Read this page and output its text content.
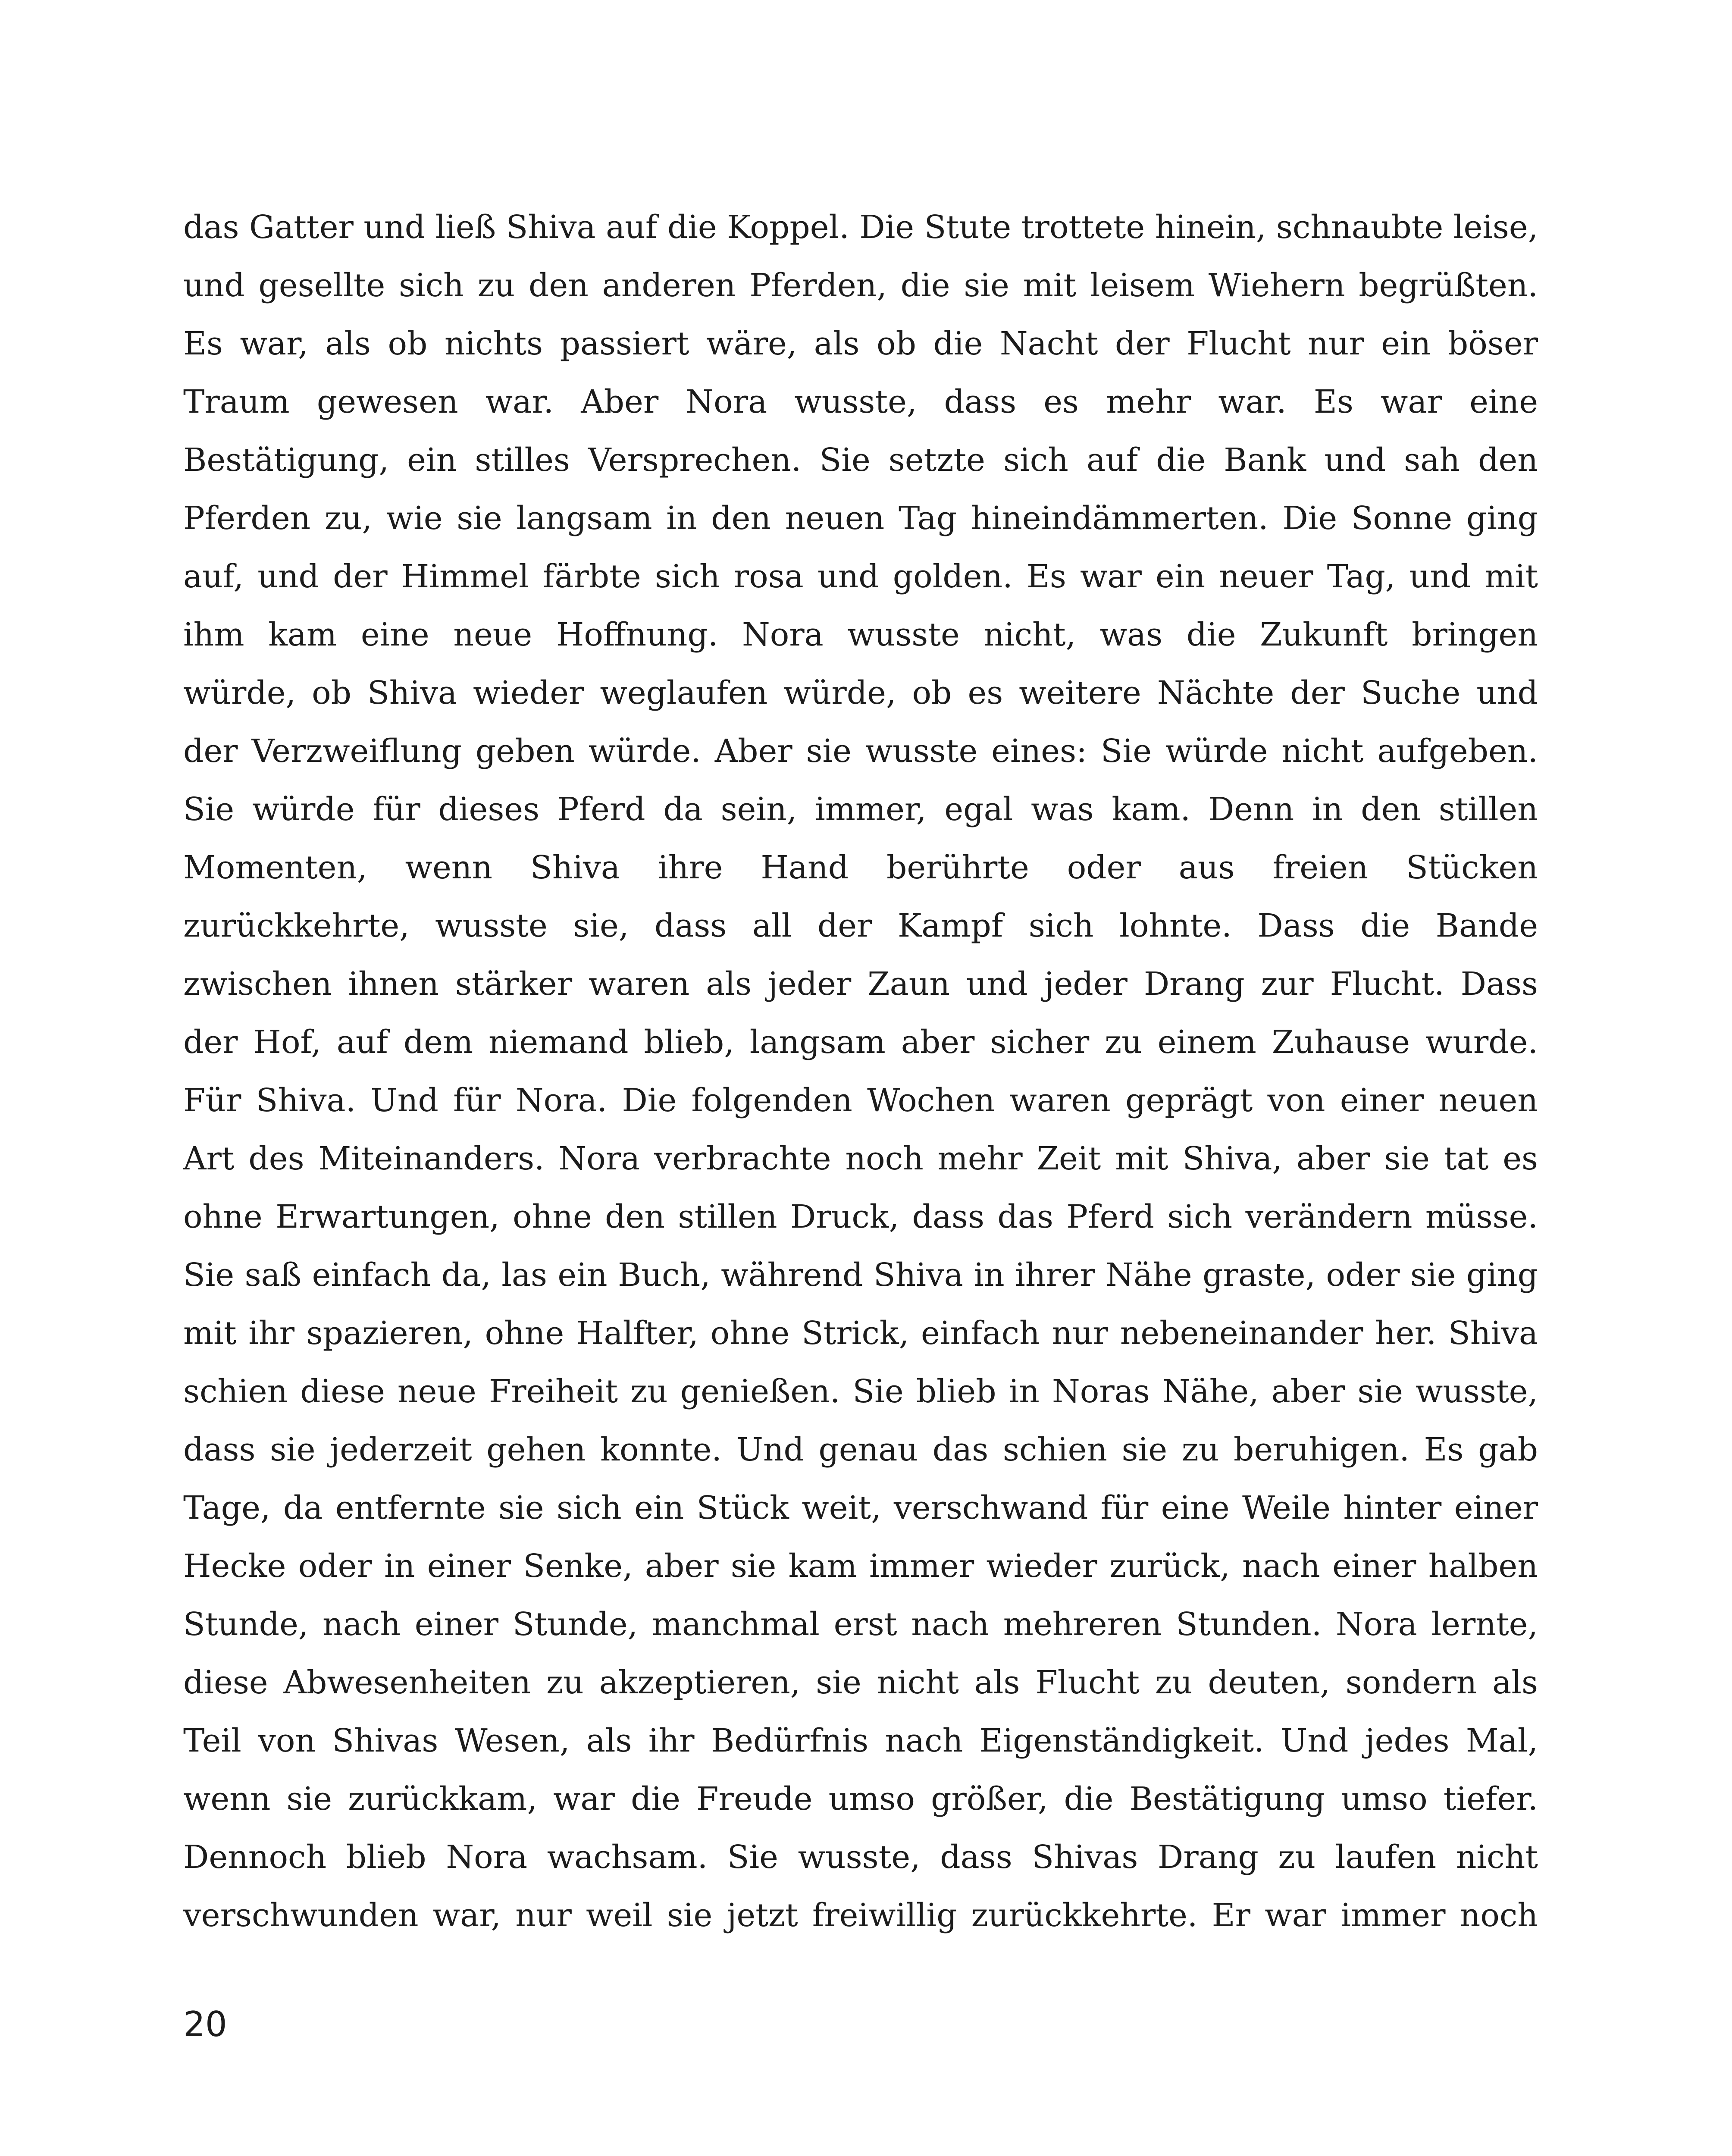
das Gatter und ließ Shiva auf die Koppel. Die Stute trottete hinein, schnaubte leise,
und gesellte sich zu den anderen Pferden, die sie mit leisem Wiehern begrüßten.
Es war, als ob nichts passiert wäre, als ob die Nacht der Flucht nur ein böser
Traum gewesen war. Aber Nora wusste, dass es mehr war. Es war eine
Bestätigung, ein stilles Versprechen. Sie setzte sich auf die Bank und sah den
Pferden zu, wie sie langsam in den neuen Tag hineindämmerten. Die Sonne ging
auf, und der Himmel färbte sich rosa und golden. Es war ein neuer Tag, und mit
ihm kam eine neue Hoffnung. Nora wusste nicht, was die Zukunft bringen
würde, ob Shiva wieder weglaufen würde, ob es weitere Nächte der Suche und
der Verzweiflung geben würde. Aber sie wusste eines: Sie würde nicht aufgeben.
Sie würde für dieses Pferd da sein, immer, egal was kam. Denn in den stillen
Momenten, wenn Shiva ihre Hand berührte oder aus freien Stücken
zurückkehrte, wusste sie, dass all der Kampf sich lohnte. Dass die Bande
zwischen ihnen stärker waren als jeder Zaun und jeder Drang zur Flucht. Dass
der Hof, auf dem niemand blieb, langsam aber sicher zu einem Zuhause wurde.
Für Shiva. Und für Nora. Die folgenden Wochen waren geprägt von einer neuen
Art des Miteinanders. Nora verbrachte noch mehr Zeit mit Shiva, aber sie tat es
ohne Erwartungen, ohne den stillen Druck, dass das Pferd sich verändern müsse.
Sie saß einfach da, las ein Buch, während Shiva in ihrer Nähe graste, oder sie ging
mit ihr spazieren, ohne Halfter, ohne Strick, einfach nur nebeneinander her. Shiva
schien diese neue Freiheit zu genießen. Sie blieb in Noras Nähe, aber sie wusste,
dass sie jederzeit gehen konnte. Und genau das schien sie zu beruhigen. Es gab
Tage, da entfernte sie sich ein Stück weit, verschwand für eine Weile hinter einer
Hecke oder in einer Senke, aber sie kam immer wieder zurück, nach einer halben
Stunde, nach einer Stunde, manchmal erst nach mehreren Stunden. Nora lernte,
diese Abwesenheiten zu akzeptieren, sie nicht als Flucht zu deuten, sondern als
Teil von Shivas Wesen, als ihr Bedürfnis nach Eigenständigkeit. Und jedes Mal,
wenn sie zurückkam, war die Freude umso größer, die Bestätigung umso tiefer.
Dennoch blieb Nora wachsam. Sie wusste, dass Shivas Drang zu laufen nicht
verschwunden war, nur weil sie jetzt freiwillig zurückkehrte. Er war immer noch
20
